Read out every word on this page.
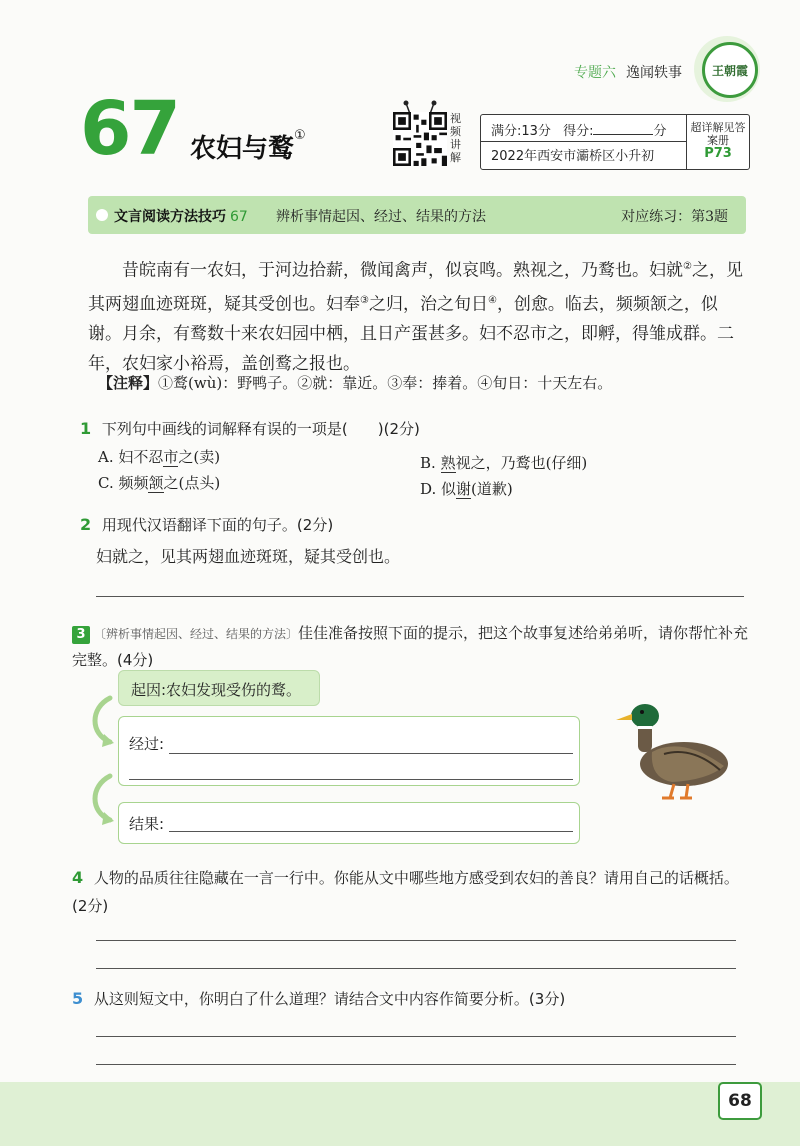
专题六 逸闻轶事	王朝霞
67 农妇与鹜①
视频讲解
满分:13分 得分:	分
2022年西安市灞桥区小升初
超详解见答案册
P73
文言阅读方法技巧 67 辨析事情起因、经过、结果的方法	对应练习：第3题
昔皖南有一农妇，于河边拾薪，微闻禽声，似哀鸣。熟视之，乃鹜也。妇就②之，见其两翅血迹斑斑，疑其受创也。妇奉③之归，治之旬日④，创愈。临去，频频颔之，似谢。月余，有鹜数十来农妇园中栖，且日产蛋甚多。妇不忍市之，即孵，得雏成群。二年，农妇家小裕焉，盖创鹜之报也。
【注释】①鹜(wù)：野鸭子。②就：靠近。③奉：捧着。④旬日：十天左右。
1 下列句中画线的词解释有误的一项是(　　)(2分)
A. 妇不忍市之(卖)	B. 熟视之，乃鹜也(仔细)
C. 频频颔之(点头)	D. 似谢(道歉)
2 用现代汉语翻译下面的句子。(2分)
妇就之，见其两翅血迹斑斑，疑其受创也。
3 〔辨析事情起因、经过、结果的方法〕佳佳准备按照下面的提示，把这个故事复述给弟弟听，请你帮忙补充完整。(4分)
起因:农妇发现受伤的鹜。
经过:
结果:
4 人物的品质往往隐藏在一言一行中。你能从文中哪些地方感受到农妇的善良？请用自己的话概括。(2分)
5 从这则短文中，你明白了什么道理？请结合文中内容作简要分析。(3分)
68
